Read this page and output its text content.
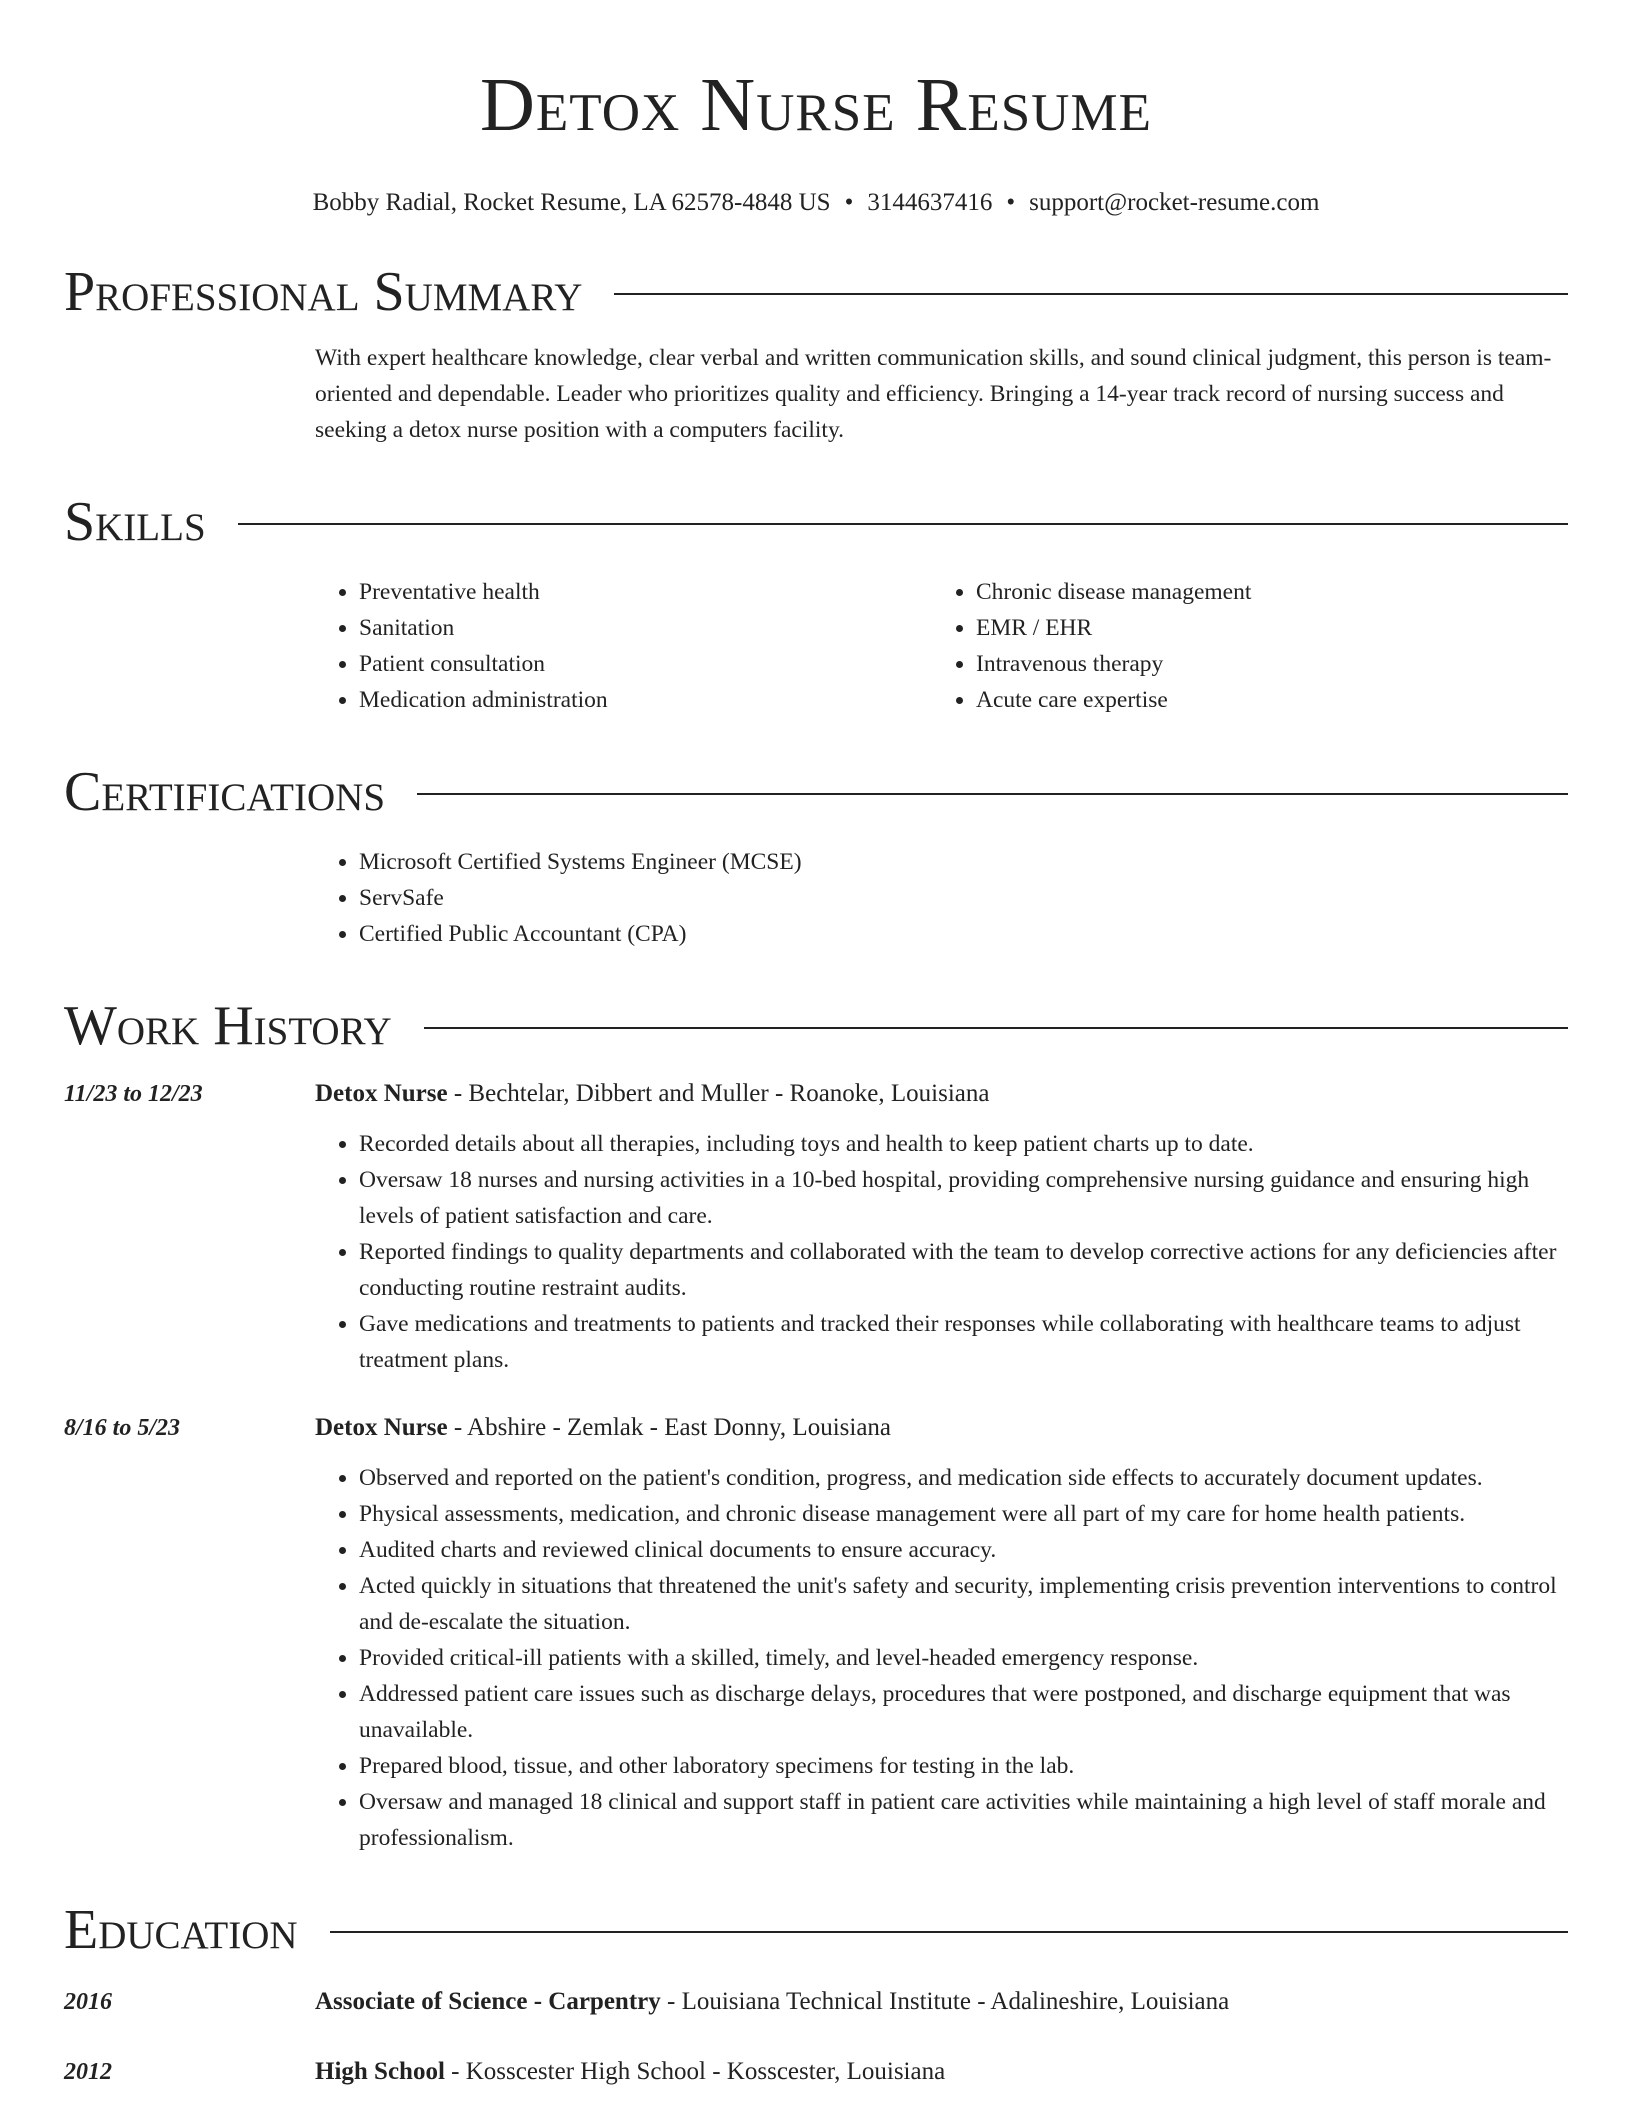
Detox Nurse Resume
Bobby Radial, Rocket Resume, LA 62578-4848 US • 3144637416 • support@rocket-resume.com
Professional Summary
With expert healthcare knowledge, clear verbal and written communication skills, and sound clinical judgment, this person is team-oriented and dependable. Leader who prioritizes quality and efficiency. Bringing a 14-year track record of nursing success and seeking a detox nurse position with a computers facility.
Skills
• Preventative health
• Sanitation
• Patient consultation
• Medication administration
• Chronic disease management
• EMR / EHR
• Intravenous therapy
• Acute care expertise
Certifications
• Microsoft Certified Systems Engineer (MCSE)
• ServSafe
• Certified Public Accountant (CPA)
Work History
11/23 to 12/23	Detox Nurse - Bechtelar, Dibbert and Muller - Roanoke, Louisiana
• Recorded details about all therapies, including toys and health to keep patient charts up to date.
• Oversaw 18 nurses and nursing activities in a 10-bed hospital, providing comprehensive nursing guidance and ensuring high levels of patient satisfaction and care.
• Reported findings to quality departments and collaborated with the team to develop corrective actions for any deficiencies after conducting routine restraint audits.
• Gave medications and treatments to patients and tracked their responses while collaborating with healthcare teams to adjust treatment plans.
8/16 to 5/23	Detox Nurse - Abshire - Zemlak - East Donny, Louisiana
• Observed and reported on the patient's condition, progress, and medication side effects to accurately document updates.
• Physical assessments, medication, and chronic disease management were all part of my care for home health patients.
• Audited charts and reviewed clinical documents to ensure accuracy.
• Acted quickly in situations that threatened the unit's safety and security, implementing crisis prevention interventions to control and de-escalate the situation.
• Provided critical-ill patients with a skilled, timely, and level-headed emergency response.
• Addressed patient care issues such as discharge delays, procedures that were postponed, and discharge equipment that was unavailable.
• Prepared blood, tissue, and other laboratory specimens for testing in the lab.
• Oversaw and managed 18 clinical and support staff in patient care activities while maintaining a high level of staff morale and professionalism.
Education
2016	Associate of Science - Carpentry - Louisiana Technical Institute - Adalineshire, Louisiana
2012	High School - Kosscester High School - Kosscester, Louisiana
